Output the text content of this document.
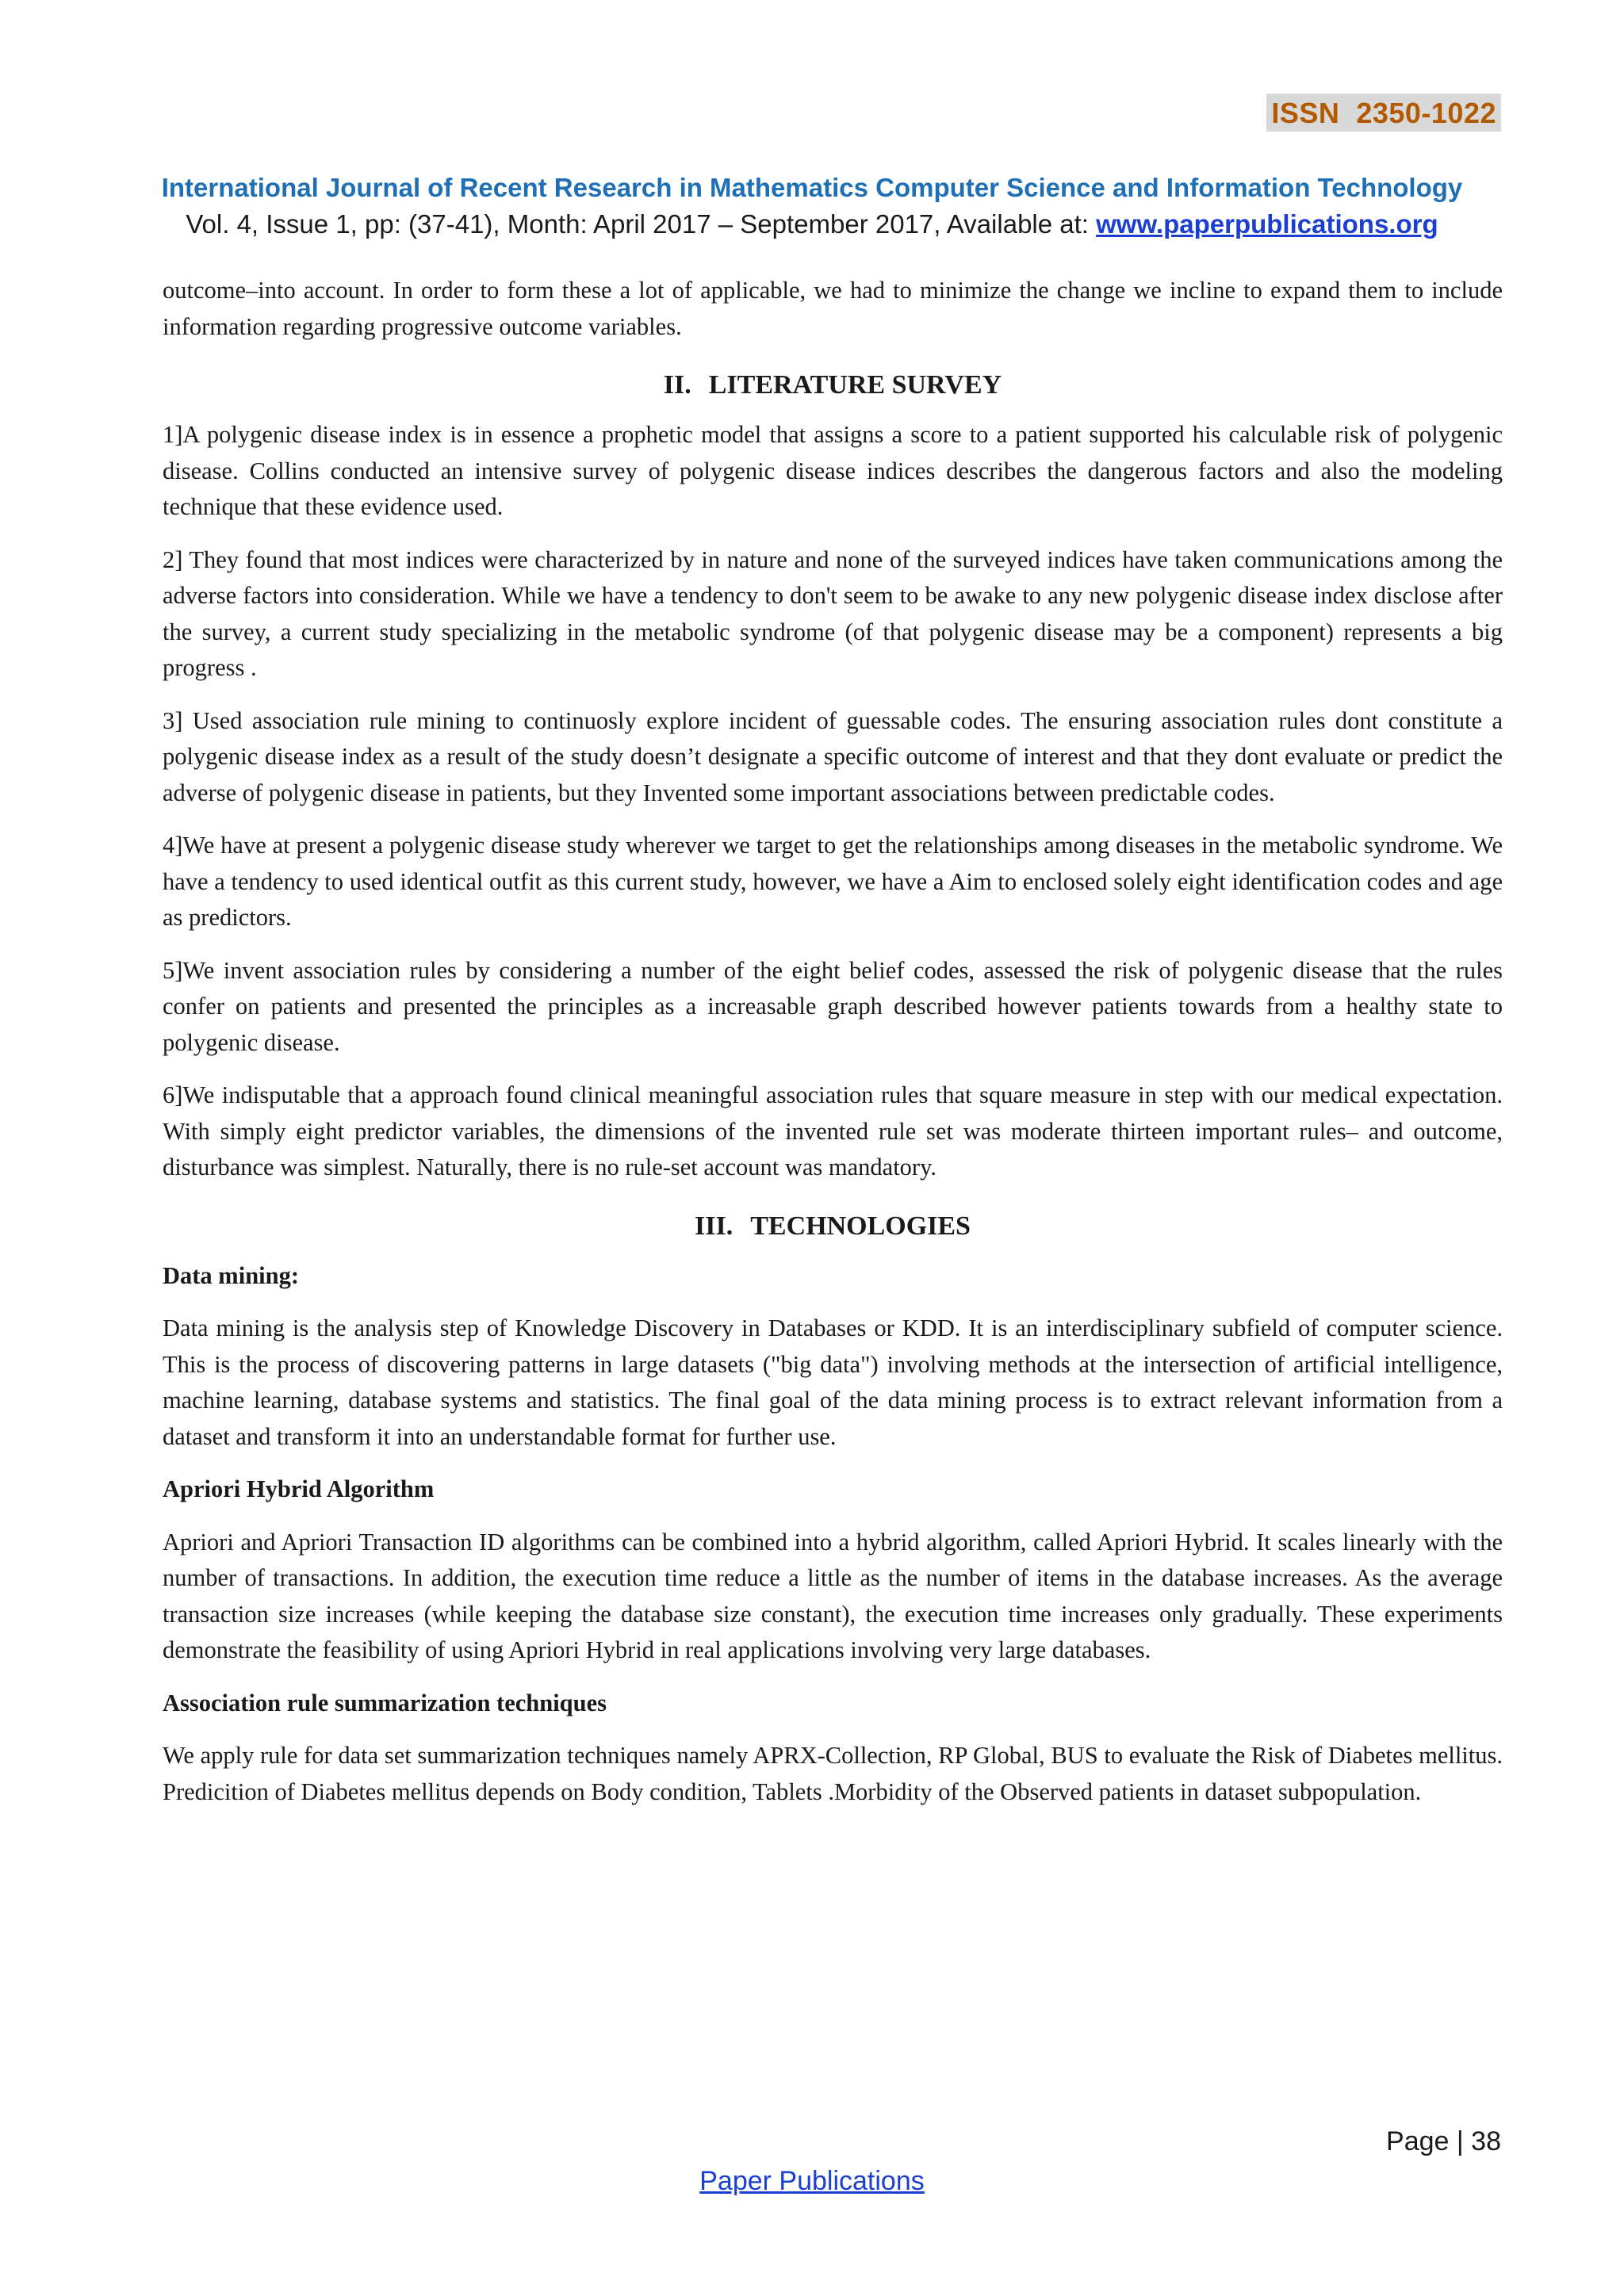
ISSN  2350-1022
International Journal of Recent Research in Mathematics Computer Science and Information Technology
Vol. 4, Issue 1, pp: (37-41), Month: April 2017 – September 2017, Available at: www.paperpublications.org

outcome–into account. In order to form these a lot of applicable, we had to minimize the change we incline to expand them to include information regarding progressive outcome variables.

II. LITERATURE SURVEY

1]A polygenic disease index is in essence a prophetic model that assigns a score to a patient supported his calculable risk of polygenic disease. Collins conducted an intensive survey of polygenic disease indices describes the dangerous factors and also the modeling technique that these evidence used.

2] They found that most indices were characterized by in nature and none of the surveyed indices have taken communications among the adverse factors into consideration. While we have a tendency to don't seem to be awake to any new polygenic disease index disclose after the survey, a current study specializing in the metabolic syndrome (of that polygenic disease may be a component) represents a big progress .

3] Used association rule mining to continuosly explore incident of guessable codes. The ensuring association rules dont constitute a polygenic disease index as a result of the study doesn’t designate a specific outcome of interest and that they dont evaluate or predict the adverse of polygenic disease in patients, but they Invented some important associations between predictable codes.

4]We have at present a polygenic disease study wherever we target to get the relationships among diseases in the metabolic syndrome. We have a tendency to used identical outfit as this current study, however, we have a Aim to enclosed solely eight identification codes and age as predictors.

5]We invent association rules by considering a number of the eight belief codes, assessed the risk of polygenic disease that the rules confer on patients and presented the principles as a increasable graph described however patients towards from a healthy state to polygenic disease.

6]We indisputable that a approach found clinical meaningful association rules that square measure in step with our medical expectation. With simply eight predictor variables, the dimensions of the invented rule set was moderate thirteen important rules– and outcome, disturbance was simplest. Naturally, there is no rule-set account was mandatory.

III. TECHNOLOGIES
Data mining:

Data mining is the analysis step of Knowledge Discovery in Databases or KDD. It is an interdisciplinary subfield of computer science. This is the process of discovering patterns in large datasets ("big data") involving methods at the intersection of artificial intelligence, machine learning, database systems and statistics. The final goal of the data mining process is to extract relevant information from a dataset and transform it into an understandable format for further use.

Apriori Hybrid Algorithm

Apriori and Apriori Transaction ID algorithms can be combined into a hybrid algorithm, called Apriori Hybrid. It scales linearly with the number of transactions. In addition, the execution time reduce a little as the number of items in the database increases. As the average transaction size increases (while keeping the database size constant), the execution time increases only gradually. These experiments demonstrate the feasibility of using Apriori Hybrid in real applications involving very large databases.

Association rule summarization techniques

We apply rule for data set summarization techniques namely APRX-Collection, RP Global, BUS to evaluate the Risk of Diabetes mellitus. Predicition of Diabetes mellitus depends on Body condition, Tablets .Morbidity of the Observed patients in dataset subpopulation.

Page | 38
Paper Publications
